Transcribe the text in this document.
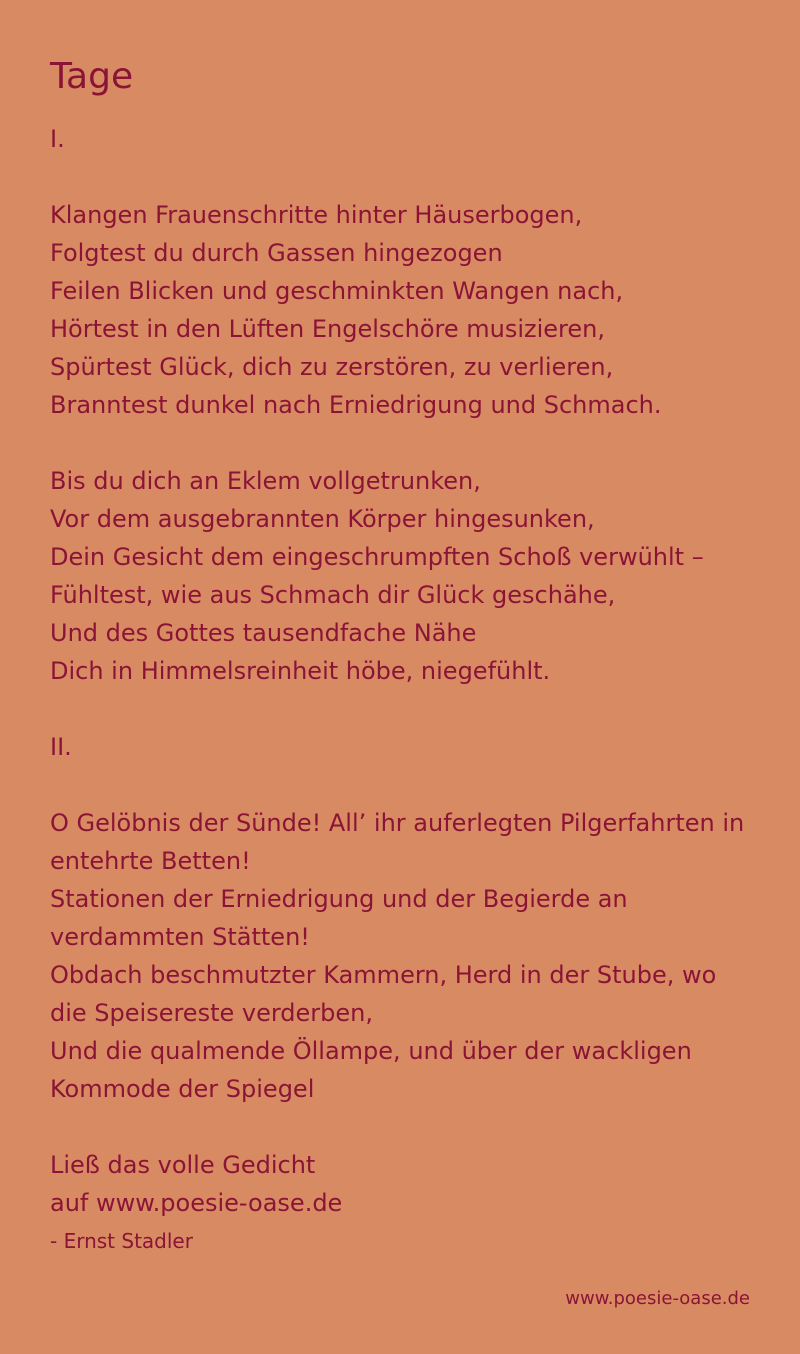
Tage
I.
Klangen Frauenschritte hinter Häuserbogen,
Folgtest du durch Gassen hingezogen
Feilen Blicken und geschminkten Wangen nach,
Hörtest in den Lüften Engelschöre musizieren,
Spürtest Glück, dich zu zerstören, zu verlieren,
Branntest dunkel nach Erniedrigung und Schmach.
Bis du dich an Eklem vollgetrunken,
Vor dem ausgebrannten Körper hingesunken,
Dein Gesicht dem eingeschrumpften Schoß verwühlt –
Fühltest, wie aus Schmach dir Glück geschähe,
Und des Gottes tausendfache Nähe
Dich in Himmelsreinheit höbe, niegefühlt.
II.
O Gelöbnis der Sünde! All’ ihr auferlegten Pilgerfahrten in entehrte Betten!
Stationen der Erniedrigung und der Begierde an verdammten Stätten!
Obdach beschmutzter Kammern, Herd in der Stube, wo die Speisereste verderben,
Und die qualmende Öllampe, und über der wackligen Kommode der Spiegel
Ließ das volle Gedicht
auf www.poesie-oase.de
- Ernst Stadler
www.poesie-oase.de
